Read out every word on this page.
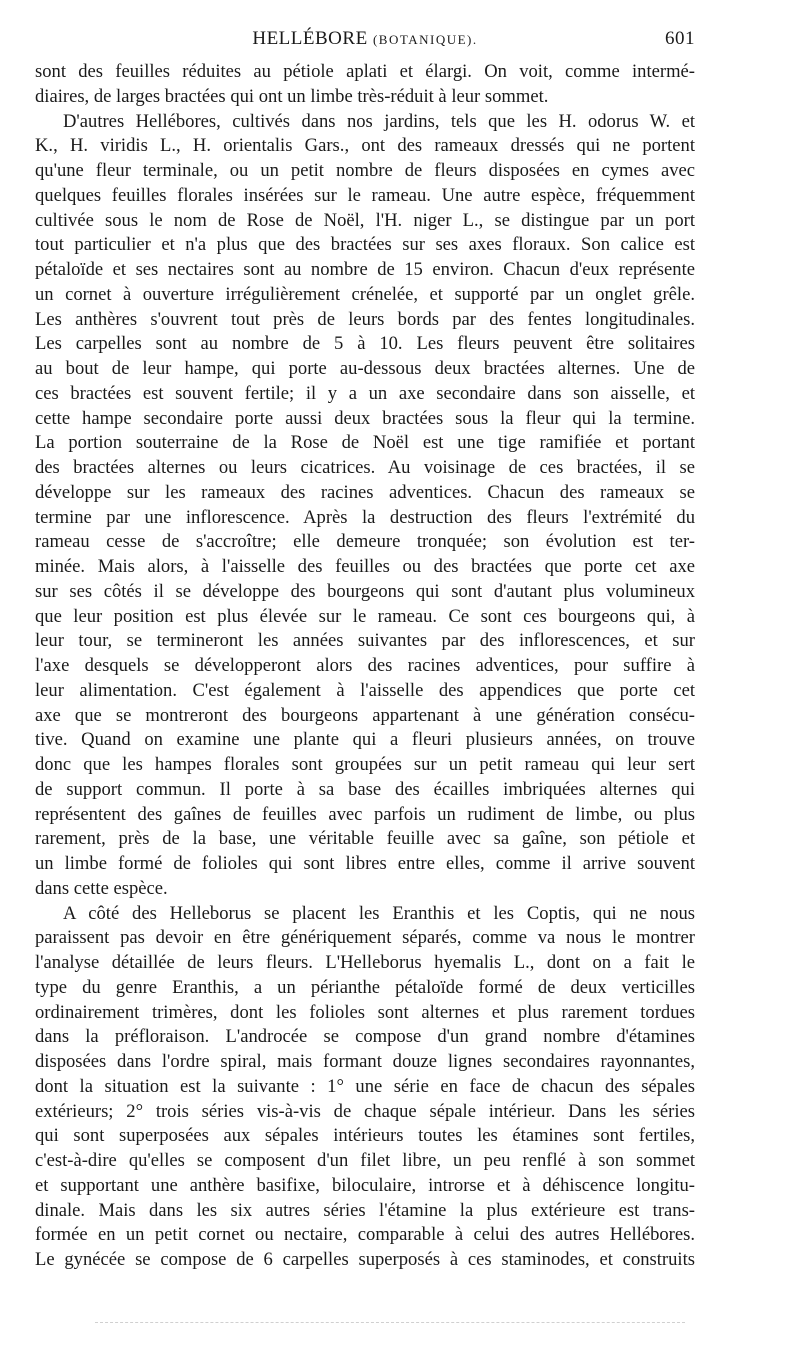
HELLÉBORE (BOTANIQUE).	601
sont des feuilles réduites au pétiole aplati et élargi. On voit, comme intermé-
diaires, de larges bractées qui ont un limbe très-réduit à leur sommet.
D'autres Hellébores, cultivés dans nos jardins, tels que les H. odorus W. et
K., H. viridis L., H. orientalis Gars., ont des rameaux dressés qui ne portent
qu'une fleur terminale, ou un petit nombre de fleurs disposées en cymes avec
quelques feuilles florales insérées sur le rameau. Une autre espèce, fréquemment
cultivée sous le nom de Rose de Noël, l'H. niger L., se distingue par un port
tout particulier et n'a plus que des bractées sur ses axes floraux. Son calice est
pétaloïde et ses nectaires sont au nombre de 15 environ. Chacun d'eux représente
un cornet à ouverture irrégulièrement crénelée, et supporté par un onglet grêle.
Les anthères s'ouvrent tout près de leurs bords par des fentes longitudinales.
Les carpelles sont au nombre de 5 à 10. Les fleurs peuvent être solitaires
au bout de leur hampe, qui porte au-dessous deux bractées alternes. Une de
ces bractées est souvent fertile; il y a un axe secondaire dans son aisselle, et
cette hampe secondaire porte aussi deux bractées sous la fleur qui la termine.
La portion souterraine de la Rose de Noël est une tige ramifiée et portant
des bractées alternes ou leurs cicatrices. Au voisinage de ces bractées, il se
développe sur les rameaux des racines adventices. Chacun des rameaux se
termine par une inflorescence. Après la destruction des fleurs l'extrémité du
rameau cesse de s'accroître; elle demeure tronquée; son évolution est ter-
minée. Mais alors, à l'aisselle des feuilles ou des bractées que porte cet axe
sur ses côtés il se développe des bourgeons qui sont d'autant plus volumineux
que leur position est plus élevée sur le rameau. Ce sont ces bourgeons qui, à
leur tour, se termineront les années suivantes par des inflorescences, et sur
l'axe desquels se développeront alors des racines adventices, pour suffire à
leur alimentation. C'est également à l'aisselle des appendices que porte cet
axe que se montreront des bourgeons appartenant à une génération consécu-
tive. Quand on examine une plante qui a fleuri plusieurs années, on trouve
donc que les hampes florales sont groupées sur un petit rameau qui leur sert
de support commun. Il porte à sa base des écailles imbriquées alternes qui
représentent des gaînes de feuilles avec parfois un rudiment de limbe, ou plus
rarement, près de la base, une véritable feuille avec sa gaîne, son pétiole et
un limbe formé de folioles qui sont libres entre elles, comme il arrive souvent
dans cette espèce.
A côté des Helleborus se placent les Eranthis et les Coptis, qui ne nous
paraissent pas devoir en être génériquement séparés, comme va nous le montrer
l'analyse détaillée de leurs fleurs. L'Helleborus hyemalis L., dont on a fait le
type du genre Eranthis, a un périanthe pétaloïde formé de deux verticilles
ordinairement trimères, dont les folioles sont alternes et plus rarement tordues
dans la préfloraison. L'androcée se compose d'un grand nombre d'étamines
disposées dans l'ordre spiral, mais formant douze lignes secondaires rayonnantes,
dont la situation est la suivante : 1° une série en face de chacun des sépales
extérieurs; 2° trois séries vis-à-vis de chaque sépale intérieur. Dans les séries
qui sont superposées aux sépales intérieurs toutes les étamines sont fertiles,
c'est-à-dire qu'elles se composent d'un filet libre, un peu renflé à son sommet
et supportant une anthère basifixe, biloculaire, introrse et à déhiscence longitu-
dinale. Mais dans les six autres séries l'étamine la plus extérieure est trans-
formée en un petit cornet ou nectaire, comparable à celui des autres Hellébores.
Le gynécée se compose de 6 carpelles superposés à ces staminodes, et construits
